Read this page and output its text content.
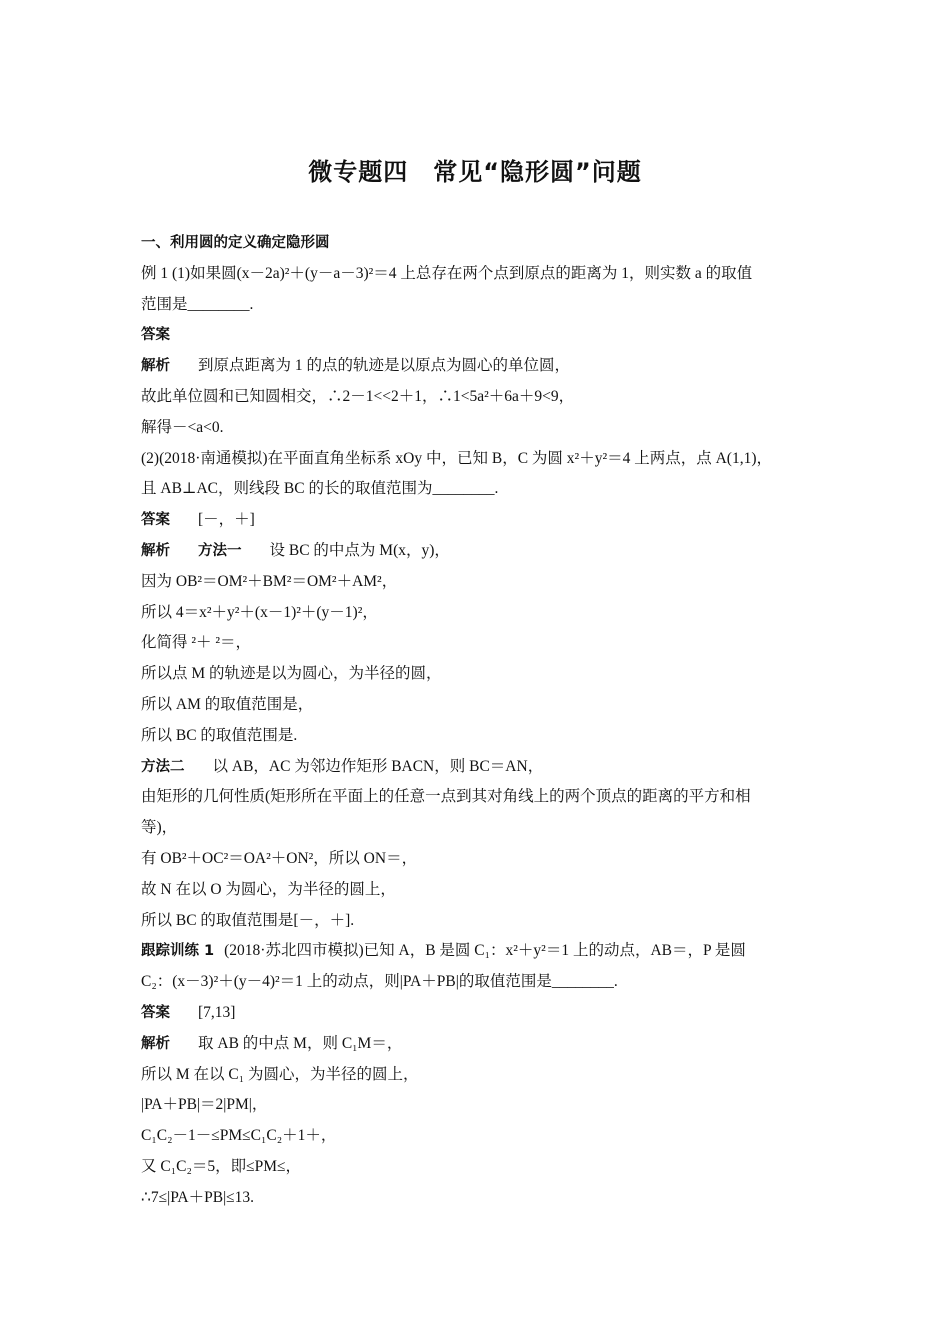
微专题四　常见“隐形圆”问题
一、利用圆的定义确定隐形圆
例 1 (1)如果圆(x－2a)²＋(y－a－3)²＝4 上总存在两个点到原点的距离为 1，则实数 a 的取值
范围是________.
答案
解析 到原点距离为 1 的点的轨迹是以原点为圆心的单位圆，
故此单位圆和已知圆相交，∴2－1<<2＋1，∴1<5a²＋6a＋9<9，
解得－<a<0.
(2)(2018·南通模拟)在平面直角坐标系 xOy 中，已知 B，C 为圆 x²＋y²＝4 上两点，点 A(1,1)，
且 AB⊥AC，则线段 BC 的长的取值范围为________.
答案 [－，＋]
解析 方法一 设 BC 的中点为 M(x，y)，
因为 OB²＝OM²＋BM²＝OM²＋AM²，
所以 4＝x²＋y²＋(x－1)²＋(y－1)²，
化简得 ²＋ ²＝，
所以点 M 的轨迹是以为圆心，为半径的圆，
所以 AM 的取值范围是，
所以 BC 的取值范围是.
方法二 以 AB，AC 为邻边作矩形 BACN，则 BC＝AN，
由矩形的几何性质(矩形所在平面上的任意一点到其对角线上的两个顶点的距离的平方和相
等)，
有 OB²＋OC²＝OA²＋ON²，所以 ON＝，
故 N 在以 O 为圆心，为半径的圆上，
所以 BC 的取值范围是[－，＋].
跟踪训练 1 (2018·苏北四市模拟)已知 A，B 是圆 C₁：x²＋y²＝1 上的动点，AB＝，P 是圆
C₂：(x－3)²＋(y－4)²＝1 上的动点，则|PA＋PB|的取值范围是________.
答案 [7,13]
解析 取 AB 的中点 M，则 C₁M＝，
所以 M 在以 C₁ 为圆心，为半径的圆上，
|PA＋PB|＝2|PM|，
C₁C₂－1－≤PM≤C₁C₂＋1＋，
又 C₁C₂＝5，即≤PM≤，
∴7≤|PA＋PB|≤13.
